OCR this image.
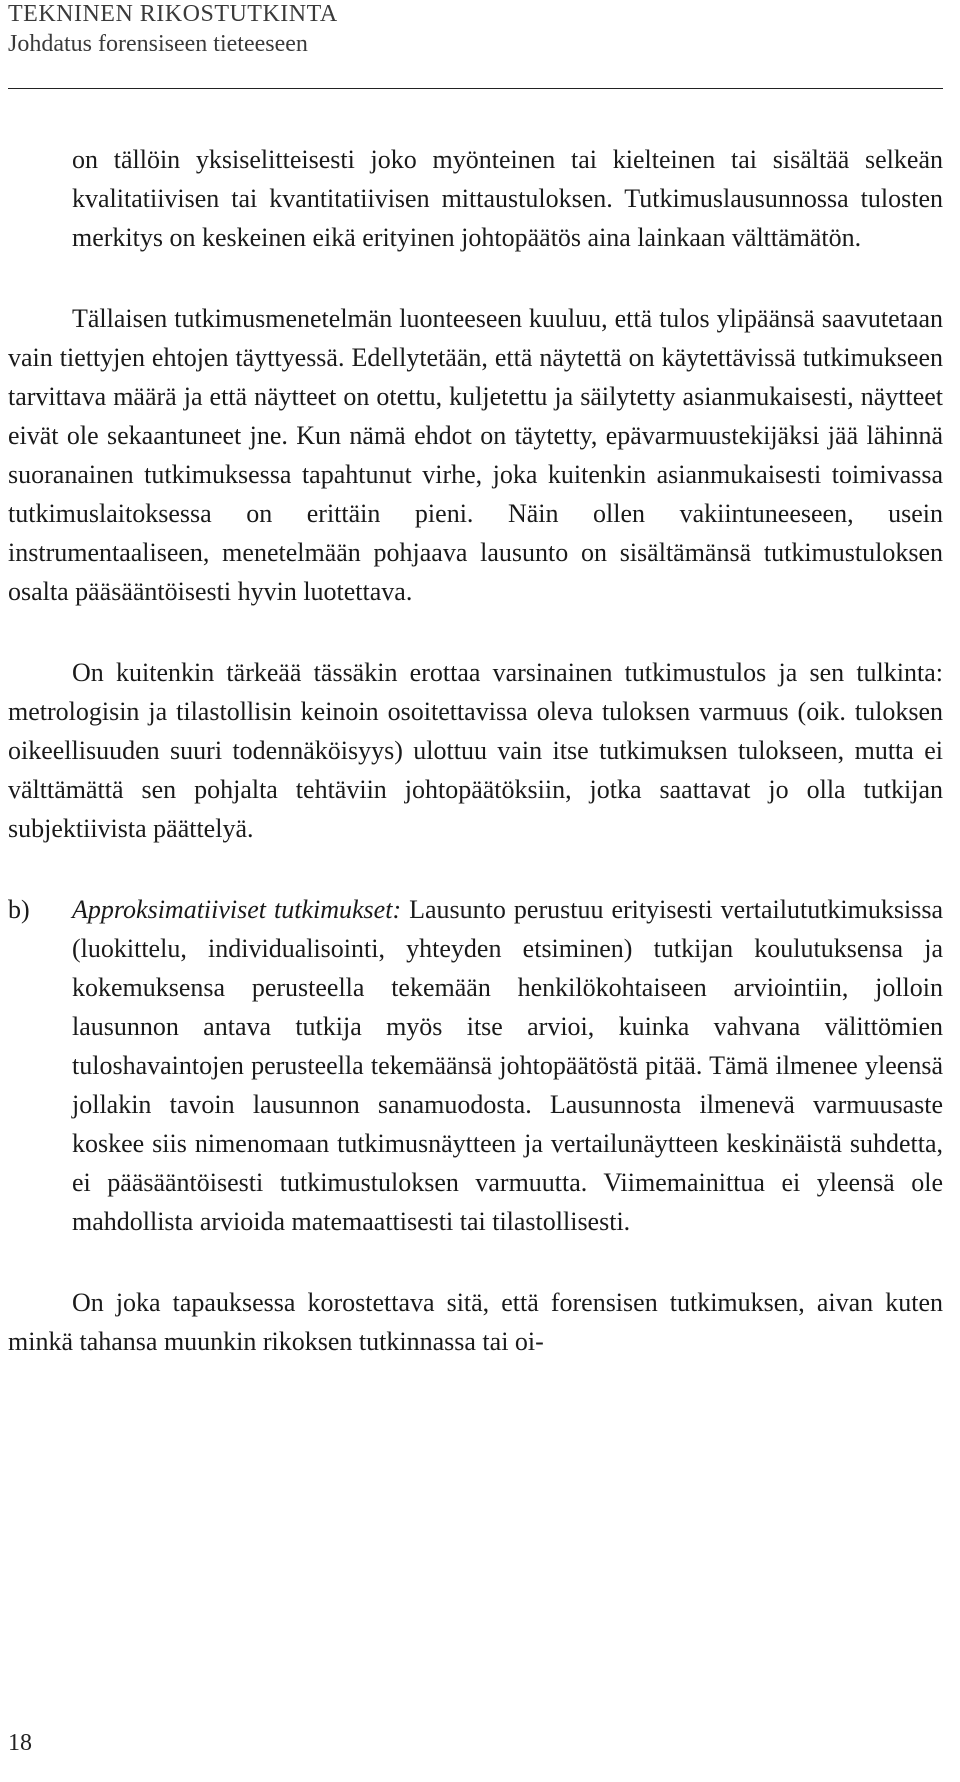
TEKNINEN RIKOSTUTKINTA
Johdatus forensiseen tieteeseen

on tällöin yksiselitteisesti joko myönteinen tai kielteinen tai sisältää selkeän kvalitatiivisen tai kvantitatiivisen mittaustuloksen. Tutkimuslausunnossa tulosten merkitys on keskeinen eikä erityinen johtopäätös aina lainkaan välttämätön.

Tällaisen tutkimusmenetelmän luonteeseen kuuluu, että tulos ylipäänsä saavutetaan vain tiettyjen ehtojen täyttyessä. Edellytetään, että näytettä on käytettävissä tutkimukseen tarvittava määrä ja että näytteet on otettu, kuljetettu ja säilytetty asianmukaisesti, näytteet eivät ole sekaantuneet jne. Kun nämä ehdot on täytetty, epävarmuustekijäksi jää lähinnä suoranainen tutkimuksessa tapahtunut virhe, joka kuitenkin asianmukaisesti toimivassa tutkimuslaitoksessa on erittäin pieni. Näin ollen vakiintuneeseen, usein instrumentaaliseen, menetelmään pohjaava lausunto on sisältämänsä tutkimustuloksen osalta pääsääntöisesti hyvin luotettava.

On kuitenkin tärkeää tässäkin erottaa varsinainen tutkimustulos ja sen tulkinta: metrologisin ja tilastollisin keinoin osoitettavissa oleva tuloksen varmuus (oik. tuloksen oikeellisuuden suuri todennäköisyys) ulottuu vain itse tutkimuksen tulokseen, mutta ei välttämättä sen pohjalta tehtäviin johtopäätöksiin, jotka saattavat jo olla tutkijan subjektiivista päättelyä.

b) Approksimatiiviset tutkimukset: Lausunto perustuu erityisesti vertailututkimuksissa (luokittelu, individualisointi, yhteyden etsiminen) tutkijan koulutuksensa ja kokemuksensa perusteella tekemään henkilökohtaiseen arviointiin, jolloin lausunnon antava tutkija myös itse arvioi, kuinka vahvana välittömien tuloshavaintojen perusteella tekemäänsä johtopäätöstä pitää. Tämä ilmenee yleensä jollakin tavoin lausunnon sanamuodosta. Lausunnosta ilmenevä varmuusaste koskee siis nimenomaan tutkimusnäytteen ja vertailunäytteen keskinäistä suhdetta, ei pääsääntöisesti tutkimustuloksen varmuutta. Viimemainittua ei yleensä ole mahdollista arvioida matemaattisesti tai tilastollisesti.

On joka tapauksessa korostettava sitä, että forensisen tutkimuksen, aivan kuten minkä tahansa muunkin rikoksen tutkinnassa tai oi-

18
